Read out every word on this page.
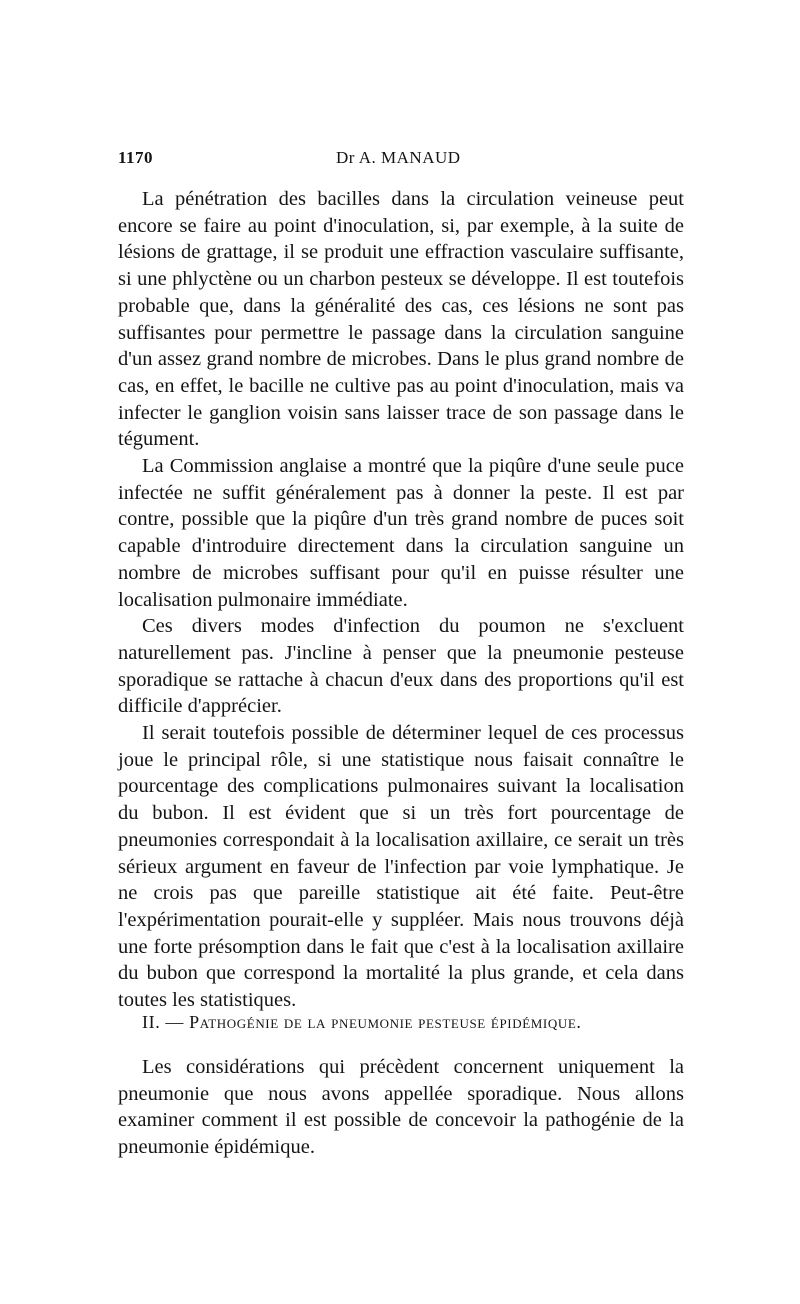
1170	Dr A. MANAUD

La pénétration des bacilles dans la circulation veineuse peut encore se faire au point d'inoculation, si, par exemple, à la suite de lésions de grattage, il se produit une effraction vasculaire suffisante, si une phlyctène ou un charbon pesteux se développe. Il est toutefois probable que, dans la généralité des cas, ces lésions ne sont pas suffisantes pour permettre le passage dans la circulation sanguine d'un assez grand nombre de microbes. Dans le plus grand nombre de cas, en effet, le bacille ne cultive pas au point d'inoculation, mais va infecter le ganglion voisin sans laisser trace de son passage dans le tégument.

La Commission anglaise a montré que la piqûre d'une seule puce infectée ne suffit généralement pas à donner la peste. Il est par contre, possible que la piqûre d'un très grand nombre de puces soit capable d'introduire directement dans la circulation sanguine un nombre de microbes suffisant pour qu'il en puisse résulter une localisation pulmonaire immédiate.

Ces divers modes d'infection du poumon ne s'excluent naturellement pas. J'incline à penser que la pneumonie pesteuse sporadique se rattache à chacun d'eux dans des proportions qu'il est difficile d'apprécier.

Il serait toutefois possible de déterminer lequel de ces processus joue le principal rôle, si une statistique nous faisait connaître le pourcentage des complications pulmonaires suivant la localisation du bubon. Il est évident que si un très fort pourcentage de pneumonies correspondait à la localisation axillaire, ce serait un très sérieux argument en faveur de l'infection par voie lymphatique. Je ne crois pas que pareille statistique ait été faite. Peut-être l'expérimentation pourait-elle y suppléer. Mais nous trouvons déjà une forte présomption dans le fait que c'est à la localisation axillaire du bubon que correspond la mortalité la plus grande, et cela dans toutes les statistiques.

II. — Pathogénie de la pneumonie pesteuse épidémique.

Les considérations qui précèdent concernent uniquement la pneumonie que nous avons appellée sporadique. Nous allons examiner comment il est possible de concevoir la pathogénie de la pneumonie épidémique.
